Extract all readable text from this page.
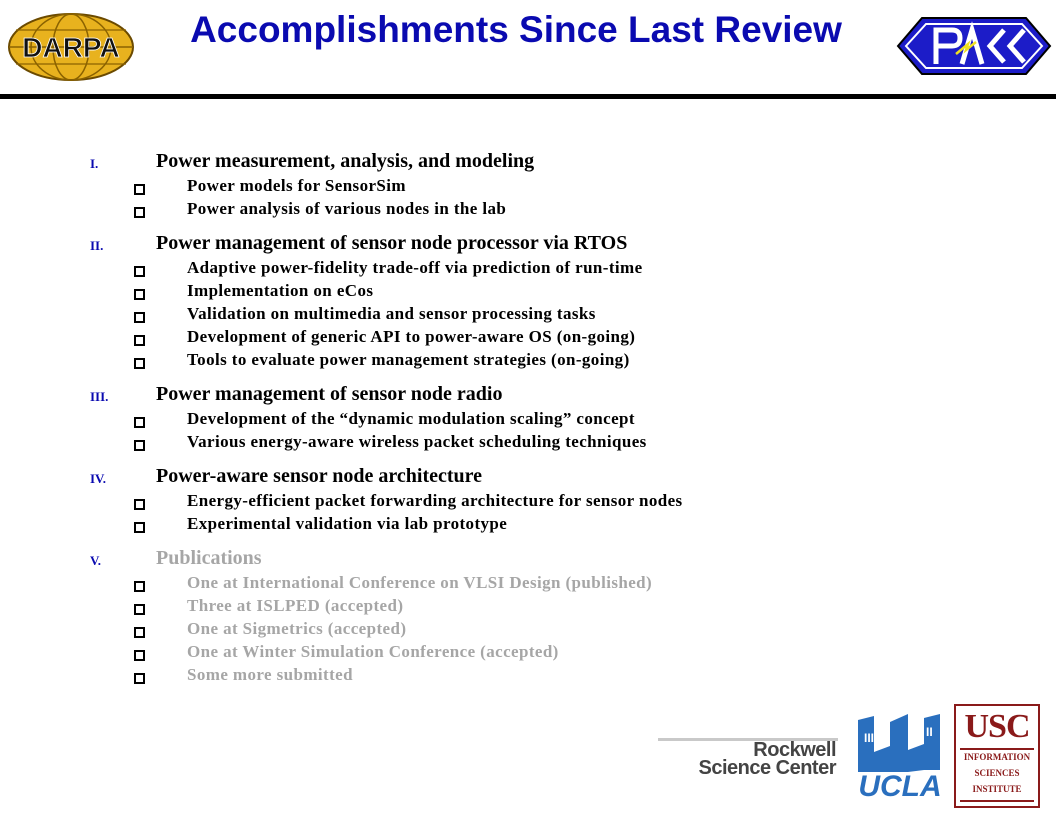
DARPA	Accomplishments Since Last Review
I.	Power measurement, analysis, and modeling
Power models for SensorSim
Power analysis of various nodes in the lab
II.	Power management of sensor node processor via RTOS
Adaptive power-fidelity trade-off via prediction of run-time
Implementation on eCos
Validation on multimedia and sensor processing tasks
Development of generic API to power-aware OS (on-going)
Tools to evaluate power management strategies (on-going)
III. Power management of sensor node radio
Development of the “dynamic modulation scaling” concept
Various energy-aware wireless packet scheduling techniques
IV. Power-aware sensor node architecture
Energy-efficient packet forwarding architecture for sensor nodes
Experimental validation via lab prototype
V.	Publications
One at International Conference on VLSI Design (published)
Three at ISLPED (accepted)
One at Sigmetrics (accepted)
One at Winter Simulation Conference (accepted)
Some more submitted
Rockwell
Science Center
III	II
UCLA
USC
INFORMATION
SCIENCES
INSTITUTE
